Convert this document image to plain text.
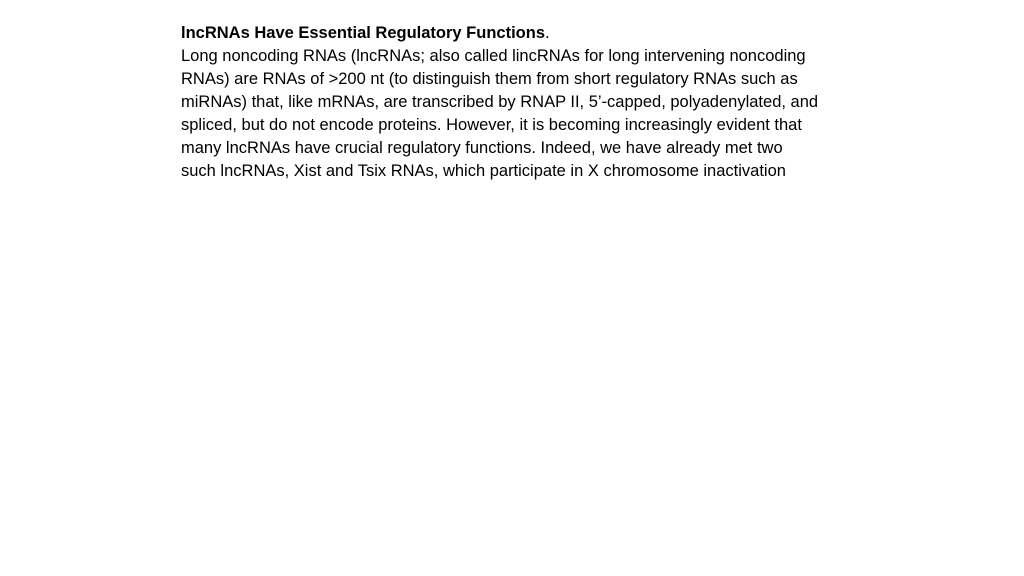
lncRNAs Have Essential Regulatory Functions.
Long noncoding RNAs (lncRNAs; also called lincRNAs for long intervening noncoding
RNAs) are RNAs of >200 nt (to distinguish them from short regulatory RNAs such as
miRNAs) that, like mRNAs, are transcribed by RNAP II, 5’-capped, polyadenylated, and
spliced, but do not encode proteins. However, it is becoming increasingly evident that
many lncRNAs have crucial regulatory functions. Indeed, we have already met two
such lncRNAs, Xist and Tsix RNAs, which participate in X chromosome inactivation
